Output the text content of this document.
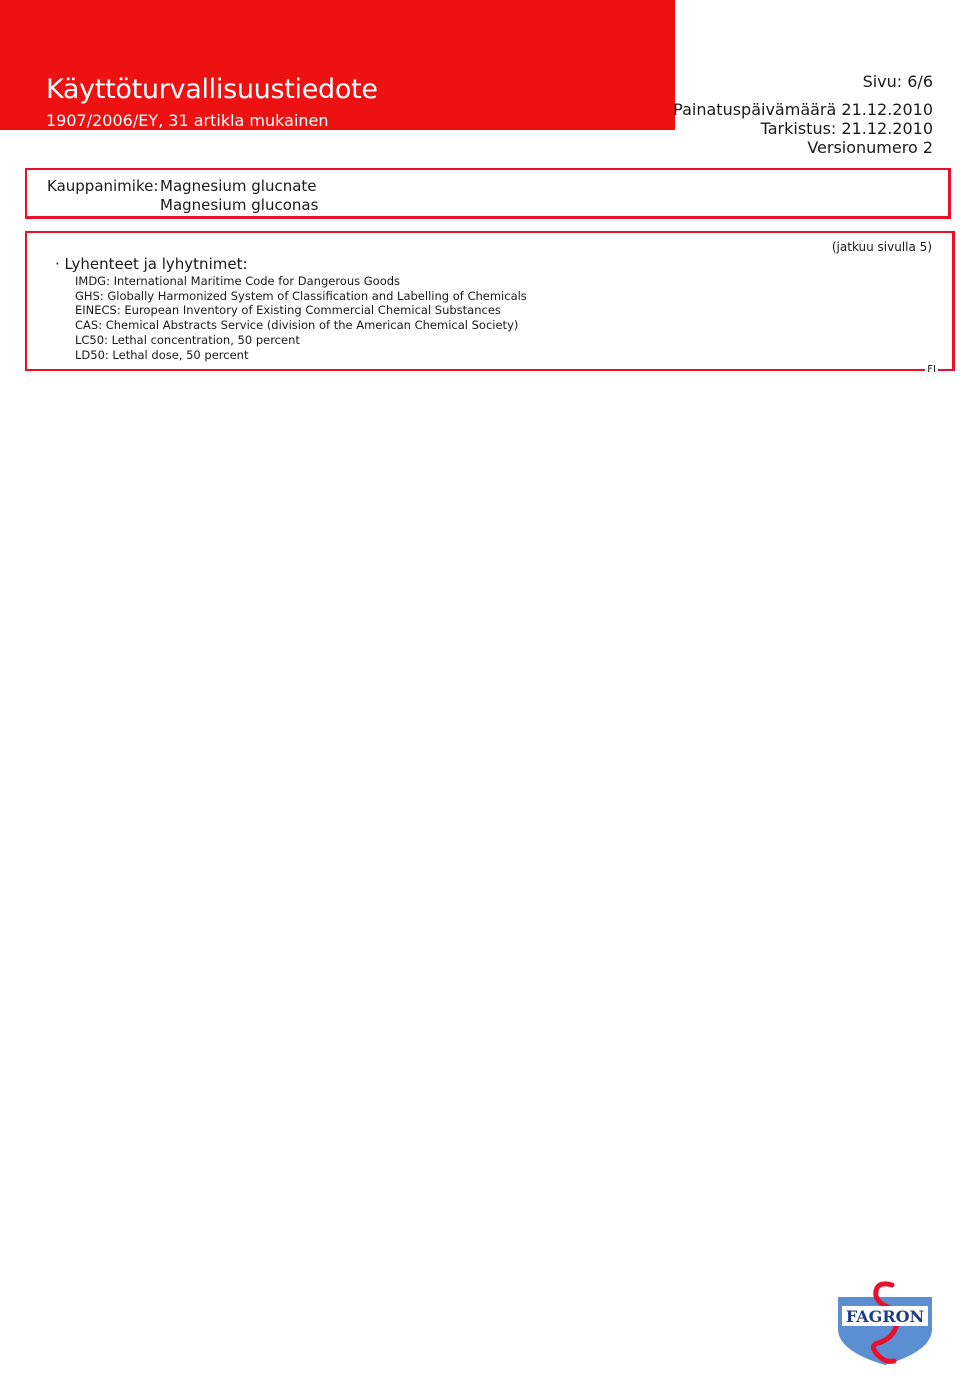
Käyttöturvallisuustiedote
1907/2006/EY, 31 artikla mukainen
Sivu: 6/6
Painatuspäivämäärä 21.12.2010
Tarkistus: 21.12.2010
Versionumero 2
Kauppanimike: Magnesium glucnate
Magnesium gluconas
(jatkuu sivulla 5)
· Lyhenteet ja lyhytnimet:
IMDG: International Maritime Code for Dangerous Goods
GHS: Globally Harmonized System of Classification and Labelling of Chemicals
EINECS: European Inventory of Existing Commercial Chemical Substances
CAS: Chemical Abstracts Service (division of the American Chemical Society)
LC50: Lethal concentration, 50 percent
LD50: Lethal dose, 50 percent
FI
FAGRON
